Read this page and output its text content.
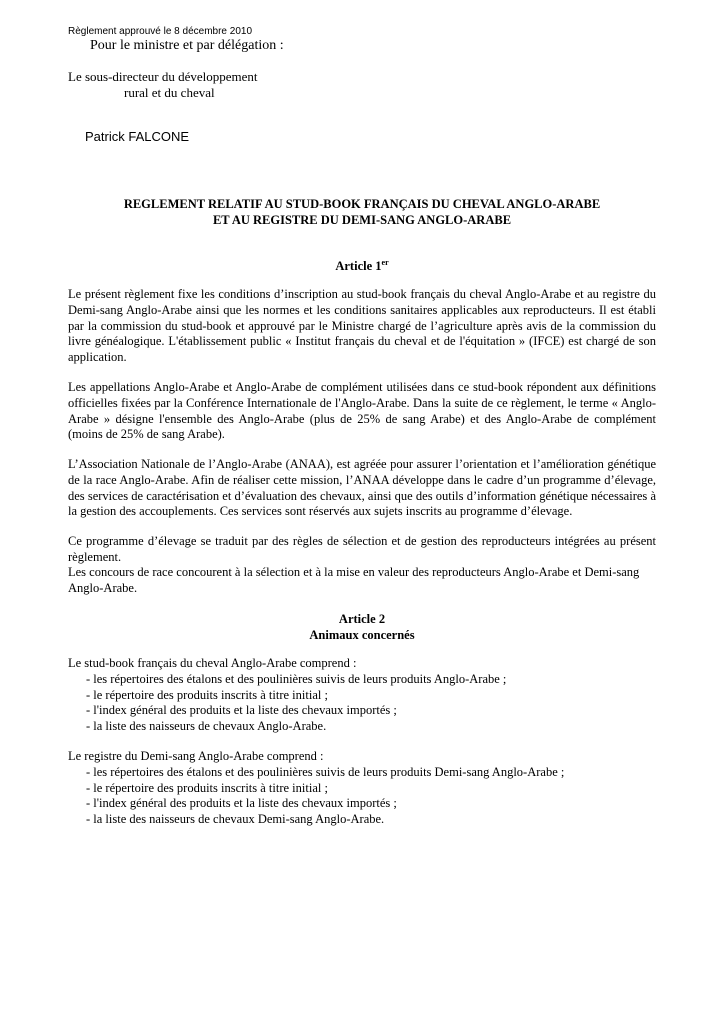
Règlement approuvé le 8 décembre 2010
Pour le ministre et par délégation :
Le sous-directeur du développement
rural et du cheval
Patrick FALCONE
REGLEMENT RELATIF AU STUD-BOOK FRANÇAIS DU CHEVAL ANGLO-ARABE
ET AU REGISTRE DU DEMI-SANG ANGLO-ARABE
Article 1er

Le présent règlement fixe les conditions d’inscription au stud-book français du cheval Anglo-Arabe et au registre du Demi-sang Anglo-Arabe ainsi que les normes et les conditions sanitaires applicables aux reproducteurs. Il est établi par la commission du stud-book et approuvé par le Ministre chargé de l’agriculture après avis de la commission du livre généalogique. L'établissement public « Institut français du cheval et de l'équitation » (IFCE) est chargé de son application.

Les appellations Anglo-Arabe et Anglo-Arabe de complément utilisées dans ce stud-book répondent aux définitions officielles fixées par la Conférence Internationale de l'Anglo-Arabe. Dans la suite de ce règlement, le terme « Anglo-Arabe » désigne l'ensemble des Anglo-Arabe (plus de 25% de sang Arabe) et des Anglo-Arabe de complément (moins de 25% de sang Arabe).

L’Association Nationale de l’Anglo-Arabe (ANAA), est agréée pour assurer l’orientation et l’amélioration génétique de la race Anglo-Arabe. Afin de réaliser cette mission, l’ANAA développe dans le cadre d’un programme d’élevage, des services de caractérisation et d’évaluation des chevaux, ainsi que des outils d’information génétique nécessaires à la gestion des accouplements. Ces services sont réservés aux sujets inscrits au programme d’élevage.

Ce programme d’élevage se traduit par des règles de sélection et de gestion des reproducteurs intégrées au présent règlement.

Les concours de race concourent à la sélection et à la mise en valeur des reproducteurs Anglo-Arabe et Demi-sang Anglo-Arabe.

Article 2
Animaux concernés
Le stud-book français du cheval Anglo-Arabe comprend :
- les répertoires des étalons et des poulinières suivis de leurs produits Anglo-Arabe ;
- le répertoire des produits inscrits à titre initial ;
- l'index général des produits et la liste des chevaux importés ;
- la liste des naisseurs de chevaux Anglo-Arabe.
Le registre du Demi-sang Anglo-Arabe comprend :
- les répertoires des étalons et des poulinières suivis de leurs produits Demi-sang Anglo-Arabe ;
- le répertoire des produits inscrits à titre initial ;
- l'index général des produits et la liste des chevaux importés ;
- la liste des naisseurs de chevaux Demi-sang Anglo-Arabe.
